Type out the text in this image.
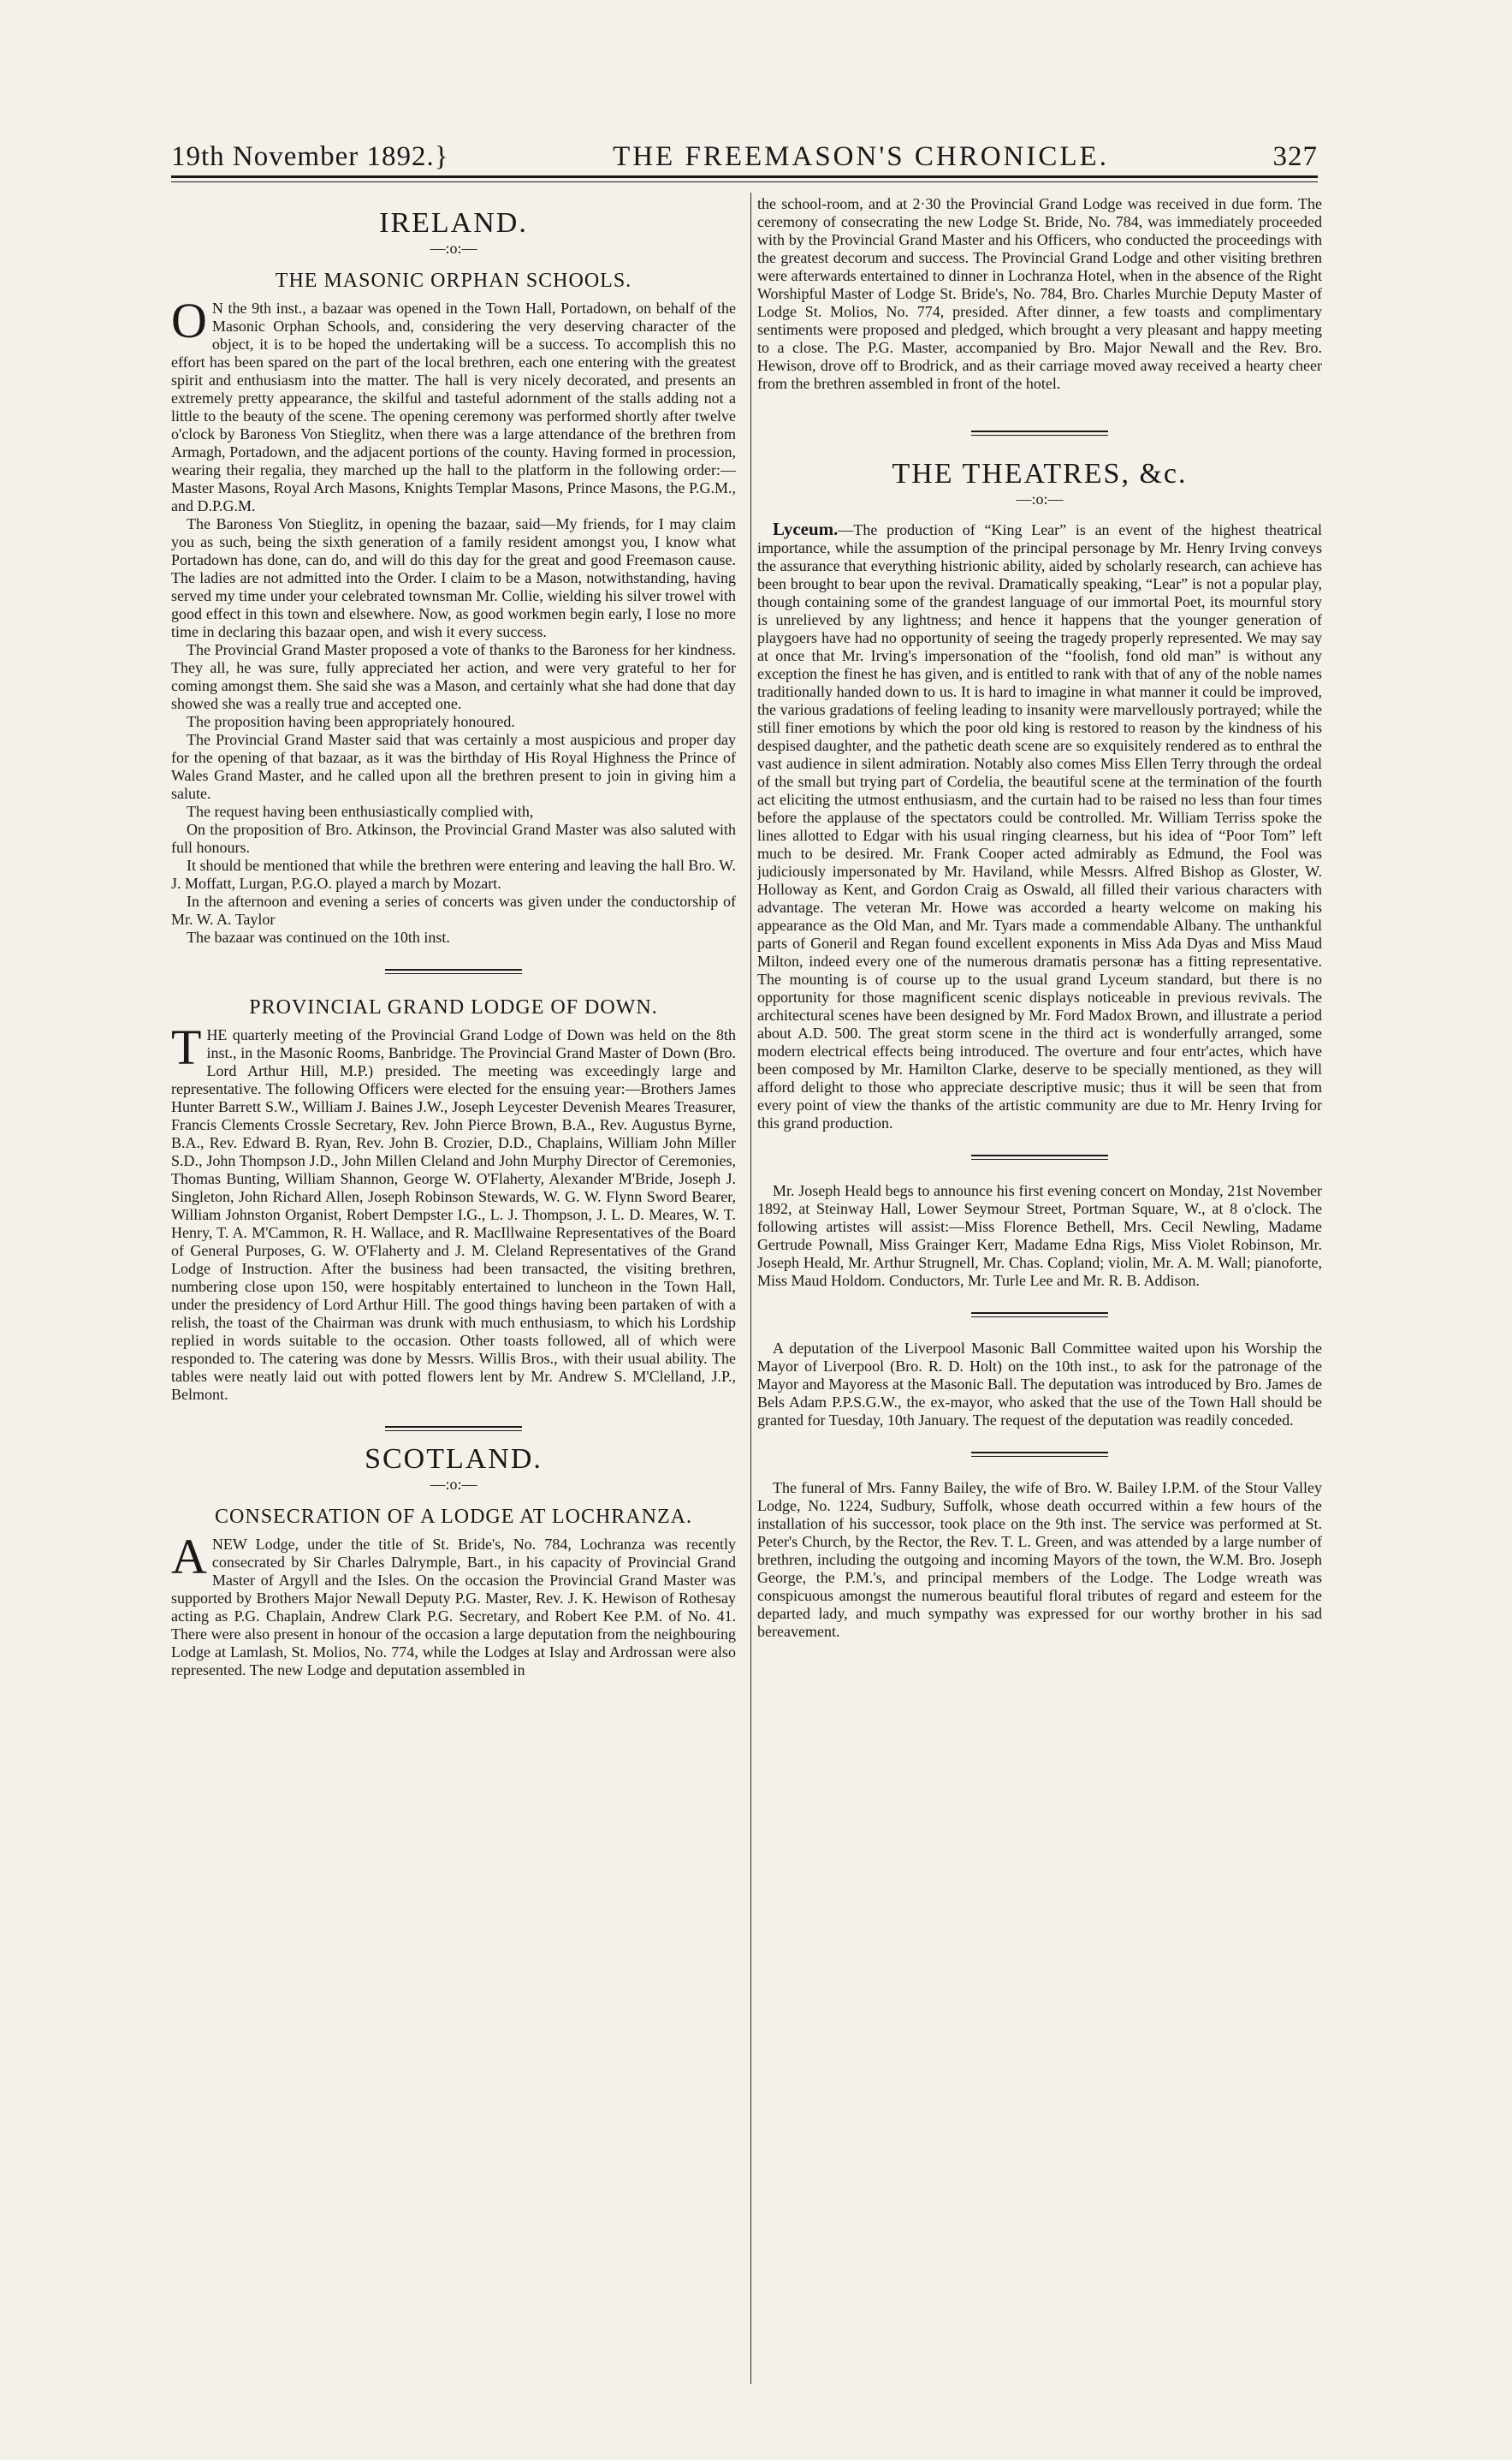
19th November 1892.}	THE FREEMASON'S CHRONICLE.	327
IRELAND.
—:o:—
THE MASONIC ORPHAN SCHOOLS.

O N the 9th inst., a bazaar was opened in the Town Hall, Portadown, on behalf of the Masonic Orphan Schools, and, considering the very deserving character of the object, it is to be hoped the undertaking will be a success. To accomplish this no effort has been spared on the part of the local brethren, each one entering with the greatest spirit and enthusiasm into the matter. The hall is very nicely decorated, and presents an extremely pretty appearance, the skilful and tasteful adornment of the stalls adding not a little to the beauty of the scene. The opening ceremony was performed shortly after twelve o'clock by Baroness Von Stieglitz, when there was a large attendance of the brethren from Armagh, Portadown, and the adjacent portions of the county. Having formed in procession, wearing their regalia, they marched up the hall to the platform in the following order:—Master Masons, Royal Arch Masons, Knights Templar Masons, Prince Masons, the P.G.M., and D.P.G.M.

The Baroness Von Stieglitz, in opening the bazaar, said—My friends, for I may claim you as such, being the sixth generation of a family resident amongst you, I know what Portadown has done, can do, and will do this day for the great and good Freemason cause. The ladies are not admitted into the Order. I claim to be a Mason, notwithstanding, having served my time under your celebrated townsman Mr. Collie, wielding his silver trowel with good effect in this town and elsewhere. Now, as good workmen begin early, I lose no more time in declaring this bazaar open, and wish it every success.

The Provincial Grand Master proposed a vote of thanks to the Baroness for her kindness. They all, he was sure, fully appreciated her action, and were very grateful to her for coming amongst them. She said she was a Mason, and certainly what she had done that day showed she was a really true and accepted one.

The proposition having been appropriately honoured.

The Provincial Grand Master said that was certainly a most auspicious and proper day for the opening of that bazaar, as it was the birthday of His Royal Highness the Prince of Wales Grand Master, and he called upon all the brethren present to join in giving him a salute.

The request having been enthusiastically complied with,

On the proposition of Bro. Atkinson, the Provincial Grand Master was also saluted with full honours.

It should be mentioned that while the brethren were entering and leaving the hall Bro. W. J. Moffatt, Lurgan, P.G.O. played a march by Mozart.

In the afternoon and evening a series of concerts was given under the conductorship of Mr. W. A. Taylor

The bazaar was continued on the 10th inst.

PROVINCIAL GRAND LODGE OF DOWN.

THE quarterly meeting of the Provincial Grand Lodge of Down was held on the 8th inst., in the Masonic Rooms, Banbridge. The Provincial Grand Master of Down (Bro. Lord Arthur Hill, M.P.) presided. The meeting was exceedingly large and representative. The following Officers were elected for the ensuing year:—Brothers James Hunter Barrett S.W., William J. Baines J.W., Joseph Leycester Devenish Meares Treasurer, Francis Clements Crossle Secretary, Rev. John Pierce Brown, B.A., Rev. Augustus Byrne, B.A., Rev. Edward B. Ryan, Rev. John B. Crozier, D.D., Chaplains, William John Miller S.D., John Thompson J.D., John Millen Cleland and John Murphy Director of Ceremonies, Thomas Bunting, William Shannon, George W. O'Flaherty, Alexander M'Bride, Joseph J. Singleton, John Richard Allen, Joseph Robinson Stewards, W. G. W. Flynn Sword Bearer, William Johnston Organist, Robert Dempster I.G., L. J. Thompson, J. L. D. Meares, W. T. Henry, T. A. M'Cammon, R. H. Wallace, and R. MacIllwaine Representatives of the Board of General Purposes, G. W. O'Flaherty and J. M. Cleland Representatives of the Grand Lodge of Instruction. After the business had been transacted, the visiting brethren, numbering close upon 150, were hospitably entertained to luncheon in the Town Hall, under the presidency of Lord Arthur Hill. The good things having been partaken of with a relish, the toast of the Chairman was drunk with much enthusiasm, to which his Lordship replied in words suitable to the occasion. Other toasts followed, all of which were responded to. The catering was done by Messrs. Willis Bros., with their usual ability. The tables were neatly laid out with potted flowers lent by Mr. Andrew S. M'Clelland, J.P., Belmont.

SCOTLAND.
—:o:—
CONSECRATION OF A LODGE AT LOCHRANZA.

ANEW Lodge, under the title of St. Bride's, No. 784, Lochranza was recently consecrated by Sir Charles Dalrymple, Bart., in his capacity of Provincial Grand Master of Argyll and the Isles. On the occasion the Provincial Grand Master was supported by Brothers Major Newall Deputy P.G. Master, Rev. J. K. Hewison of Rothesay acting as P.G. Chaplain, Andrew Clark P.G. Secretary, and Robert Kee P.M. of No. 41. There were also present in honour of the occasion a large deputation from the neighbouring Lodge at Lamlash, St. Molios, No. 774, while the Lodges at Islay and Ardrossan were also represented. The new Lodge and deputation assembled in

the school-room, and at 2·30 the Provincial Grand Lodge was received in due form. The ceremony of consecrating the new Lodge St. Bride, No. 784, was immediately proceeded with by the Provincial Grand Master and his Officers, who conducted the proceedings with the greatest decorum and success. The Provincial Grand Lodge and other visiting brethren were afterwards entertained to dinner in Lochranza Hotel, when in the absence of the Right Worshipful Master of Lodge St. Bride's, No. 784, Bro. Charles Murchie Deputy Master of Lodge St. Molios, No. 774, presided. After dinner, a few toasts and complimentary sentiments were proposed and pledged, which brought a very pleasant and happy meeting to a close. The P.G. Master, accompanied by Bro. Major Newall and the Rev. Bro. Hewison, drove off to Brodrick, and as their carriage moved away received a hearty cheer from the brethren assembled in front of the hotel.

THE THEATRES, &c.
—:o:—

Lyceum.—The production of “King Lear” is an event of the highest theatrical importance, while the assumption of the principal personage by Mr. Henry Irving conveys the assurance that everything histrionic ability, aided by scholarly research, can achieve has been brought to bear upon the revival. Dramatically speaking, “Lear” is not a popular play, though containing some of the grandest language of our immortal Poet, its mournful story is unrelieved by any lightness; and hence it happens that the younger generation of playgoers have had no opportunity of seeing the tragedy properly represented. We may say at once that Mr. Irving's impersonation of the “foolish, fond old man” is without any exception the finest he has given, and is entitled to rank with that of any of the noble names traditionally handed down to us. It is hard to imagine in what manner it could be improved, the various gradations of feeling leading to insanity were marvellously portrayed; while the still finer emotions by which the poor old king is restored to reason by the kindness of his despised daughter, and the pathetic death scene are so exquisitely rendered as to enthral the vast audience in silent admiration. Notably also comes Miss Ellen Terry through the ordeal of the small but trying part of Cordelia, the beautiful scene at the termination of the fourth act eliciting the utmost enthusiasm, and the curtain had to be raised no less than four times before the applause of the spectators could be controlled. Mr. William Terriss spoke the lines allotted to Edgar with his usual ringing clearness, but his idea of “Poor Tom” left much to be desired. Mr. Frank Cooper acted admirably as Edmund, the Fool was judiciously impersonated by Mr. Haviland, while Messrs. Alfred Bishop as Gloster, W. Holloway as Kent, and Gordon Craig as Oswald, all filled their various characters with advantage. The veteran Mr. Howe was accorded a hearty welcome on making his appearance as the Old Man, and Mr. Tyars made a commendable Albany. The unthankful parts of Goneril and Regan found excellent exponents in Miss Ada Dyas and Miss Maud Milton, indeed every one of the numerous dramatis personæ has a fitting representative. The mounting is of course up to the usual grand Lyceum standard, but there is no opportunity for those magnificent scenic displays noticeable in previous revivals. The architectural scenes have been designed by Mr. Ford Madox Brown, and illustrate a period about A.D. 500. The great storm scene in the third act is wonderfully arranged, some modern electrical effects being introduced. The overture and four entr'actes, which have been composed by Mr. Hamilton Clarke, deserve to be specially mentioned, as they will afford delight to those who appreciate descriptive music; thus it will be seen that from every point of view the thanks of the artistic community are due to Mr. Henry Irving for this grand production.

Mr. Joseph Heald begs to announce his first evening concert on Monday, 21st November 1892, at Steinway Hall, Lower Seymour Street, Portman Square, W., at 8 o'clock. The following artistes will assist:—Miss Florence Bethell, Mrs. Cecil Newling, Madame Gertrude Pownall, Miss Grainger Kerr, Madame Edna Rigs, Miss Violet Robinson, Mr. Joseph Heald, Mr. Arthur Strugnell, Mr. Chas. Copland; violin, Mr. A. M. Wall; pianoforte, Miss Maud Holdom. Conductors, Mr. Turle Lee and Mr. R. B. Addison.

A deputation of the Liverpool Masonic Ball Committee waited upon his Worship the Mayor of Liverpool (Bro. R. D. Holt) on the 10th inst., to ask for the patronage of the Mayor and Mayoress at the Masonic Ball. The deputation was introduced by Bro. James de Bels Adam P.P.S.G.W., the ex-mayor, who asked that the use of the Town Hall should be granted for Tuesday, 10th January. The request of the deputation was readily conceded.

The funeral of Mrs. Fanny Bailey, the wife of Bro. W. Bailey I.P.M. of the Stour Valley Lodge, No. 1224, Sudbury, Suffolk, whose death occurred within a few hours of the installation of his successor, took place on the 9th inst. The service was performed at St. Peter's Church, by the Rector, the Rev. T. L. Green, and was attended by a large number of brethren, including the outgoing and incoming Mayors of the town, the W.M. Bro. Joseph George, the P.M.'s, and principal members of the Lodge. The Lodge wreath was conspicuous amongst the numerous beautiful floral tributes of regard and esteem for the departed lady, and much sympathy was expressed for our worthy brother in his sad bereavement.
